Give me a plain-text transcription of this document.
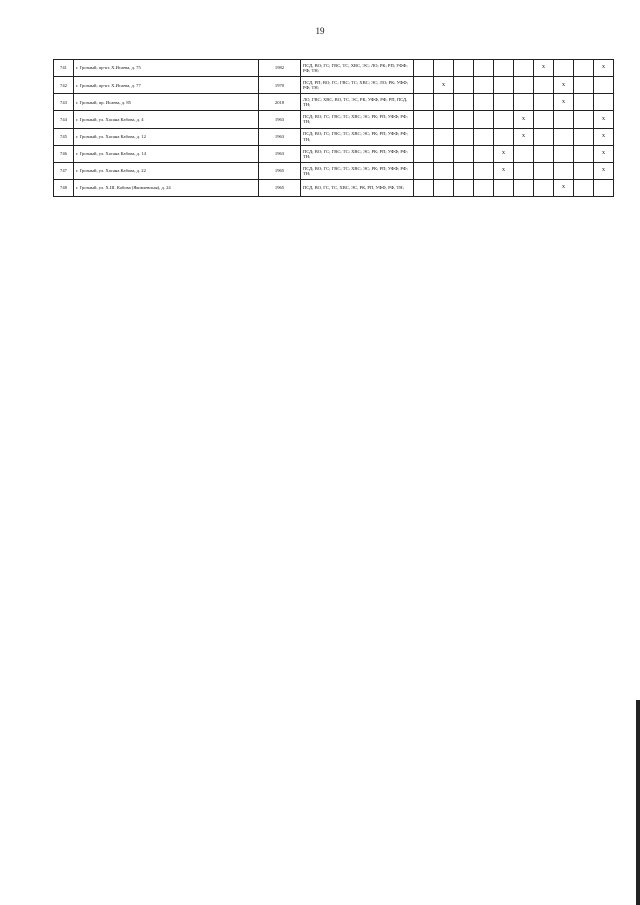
19
741	г. Грозный, пр-кт. Х.Исаева, д. 75	1982	ПСД, ВО; ГС; ГВС, ТС, ХВС, ЭС; ЛО; РК; РП; УФФ; РФ; ТН;							x			x
742	г. Грозный, пр-кт. Х.Исаева, д. 77	1970	ПСД, РП; ВО; ГС; ГВС; ТС; ХВС; ЭС; ЛО; РК; УФФ; РФ; ТН;		x						x		
743	г. Грозный, пр. Исаева, д. 85	2018	ЛО, ГВС; ХВС, ВО, ТС, ЭС, РК, УФФ, РФ, РП, ПСД, ТН;								x		
744	г. Грозный, ул. Хасана Кабова, д. 4	1963	ПСД; ВО; ГС; ГВС; ТС; ХВС; ЭС; РК; РП; УФФ; РФ; ТН;						x				x
745	г. Грозный, ул. Хасана Кабова, д. 12	1963	ПСД; ВО; ГС; ГВС; ТС; ХВС; ЭС; РК; РП; УФФ; РФ; ТН;						x				x
746	г. Грозный, ул. Хасана Кабова, д. 14	1963	ПСД; ВО; ГС; ГВС; ТС; ХВС; ЭС; РК; РП; УФФ; РФ; ТН;					x					x
747	г. Грозный, ул. Хасана Кабова, д. 22	1965	ПСД; ВО; ГС; ГВС; ТС; ХВС; ЭС; РК; РП; УФФ; РФ; ТН;					x					x
748	г. Грозный, ул. Х.Ш. Кабова (Яковлевская), д. 24	1965	ПСД, ВО, ГС, ТС, ХВС, ЭС, РК, РП, УФФ, РФ, ТН;								x		
